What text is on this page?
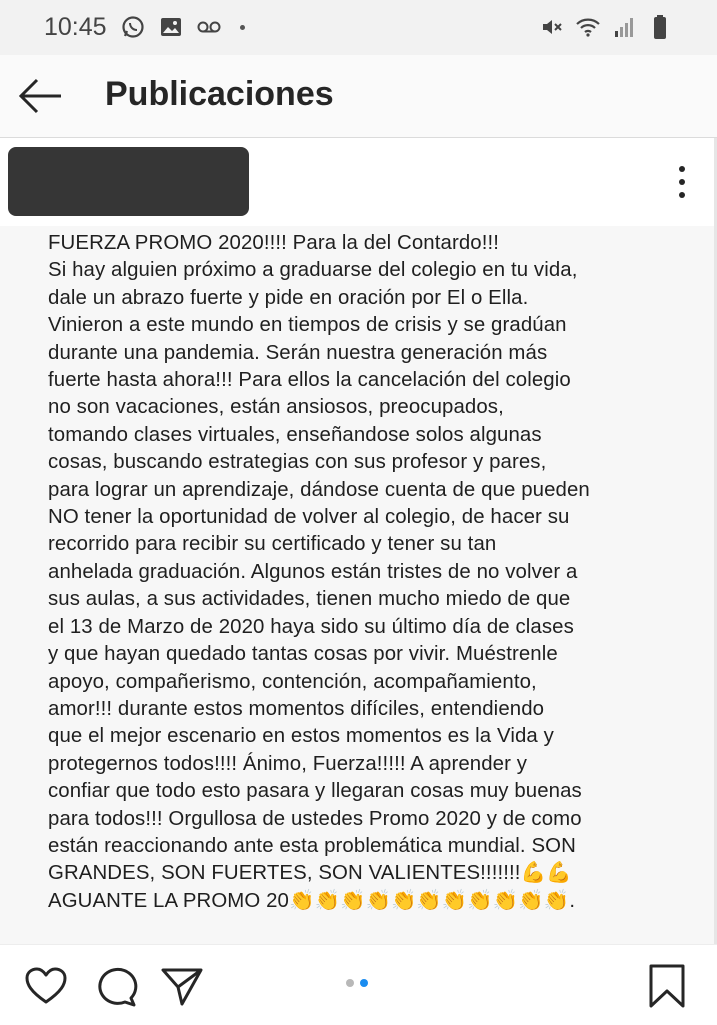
10:45
Publicaciones
FUERZA PROMO 2020!!!! Para la del Contardo!!!
Si hay alguien próximo a graduarse del colegio en tu vida,
dale un abrazo fuerte y pide en oración por El o Ella.
Vinieron a este mundo en tiempos de crisis y se gradúan
durante una pandemia. Serán nuestra generación más
fuerte hasta ahora!!! Para ellos la cancelación del colegio
no son vacaciones, están ansiosos, preocupados,
tomando clases virtuales, enseñandose solos algunas
cosas, buscando estrategias con sus profesor y pares,
para lograr un aprendizaje, dándose cuenta de que pueden
NO tener la oportunidad de volver al colegio, de hacer su
recorrido para recibir su certificado y tener su tan
anhelada graduación. Algunos están tristes de no volver a
sus aulas, a sus actividades, tienen mucho miedo de que
el 13 de Marzo de 2020 haya sido su último día de clases
y que hayan quedado tantas cosas por vivir. Muéstrenle
apoyo, compañerismo, contención, acompañamiento,
amor!!! durante estos momentos difíciles, entendiendo
que el mejor escenario en estos momentos es la Vida y
protegernos todos!!!! Ánimo, Fuerza!!!!! A aprender y
confiar que todo esto pasara y llegaran cosas muy buenas
para todos!!! Orgullosa de ustedes Promo 2020 y de como
están reaccionando ante esta problemática mundial. SON
GRANDES, SON FUERTES, SON VALIENTES!!!!!!!💪💪
AGUANTE LA PROMO 20👏👏👏👏👏👏👏👏👏👏👏.
